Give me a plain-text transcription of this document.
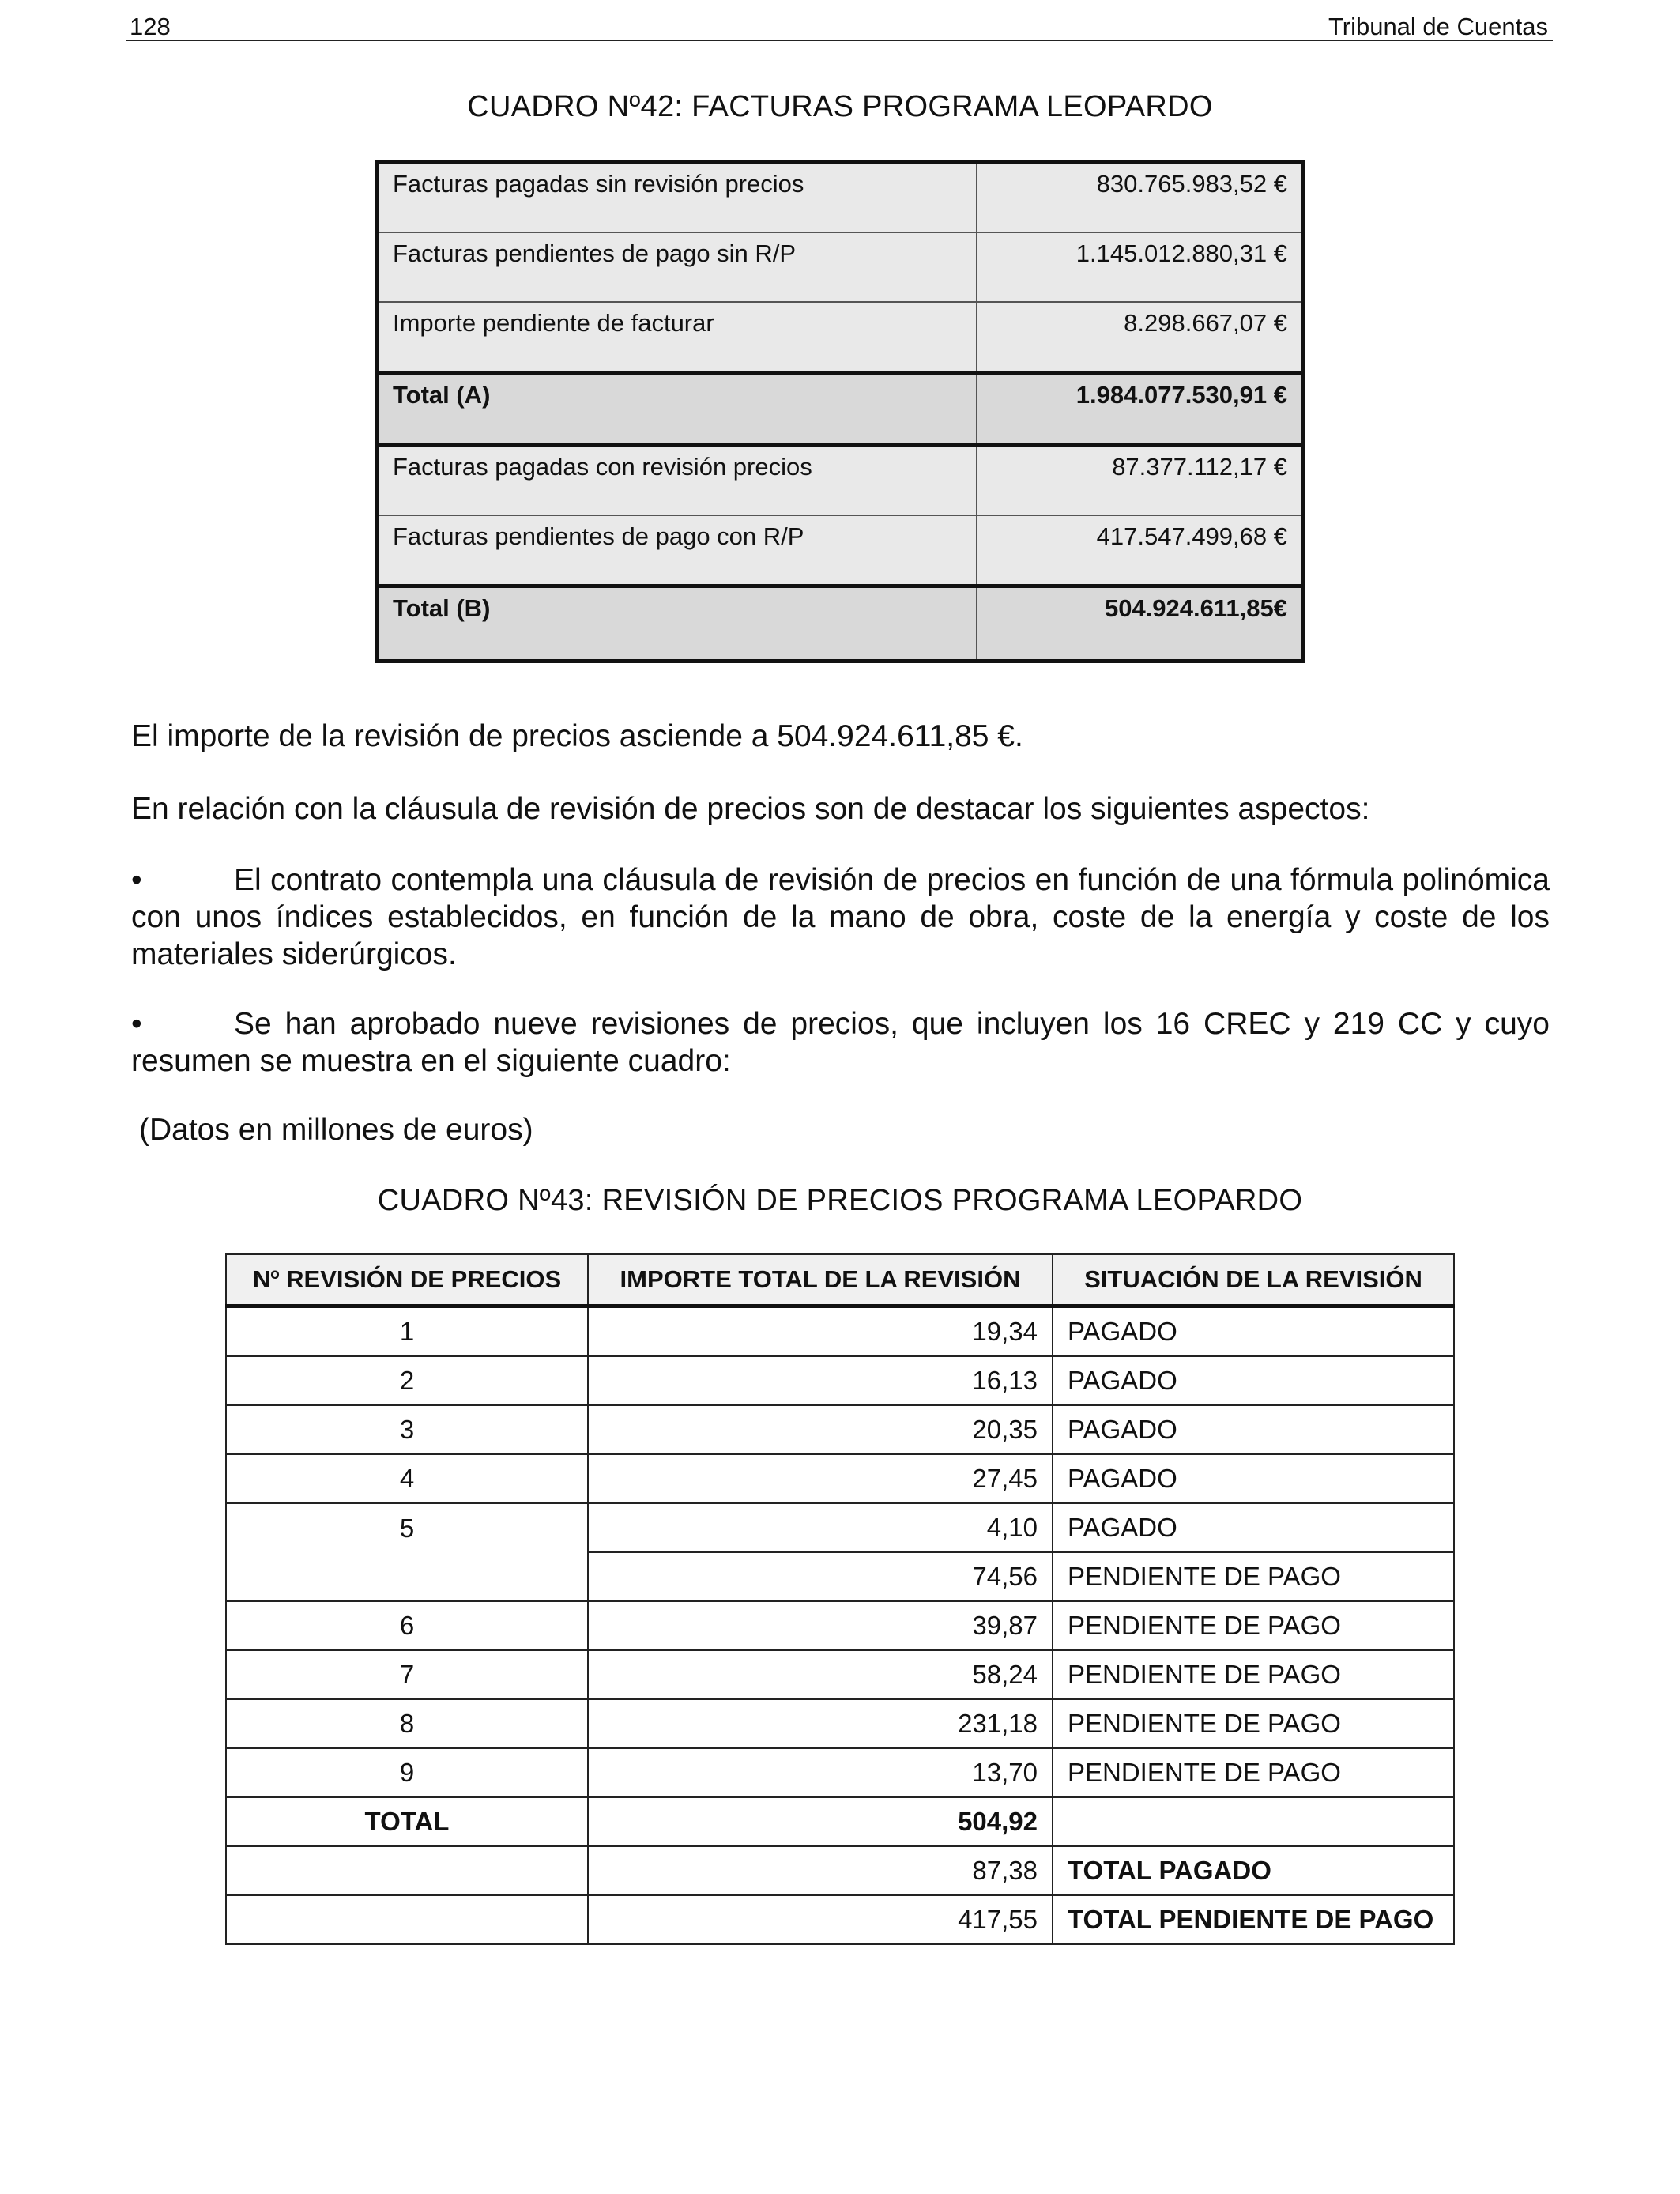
128	Tribunal de Cuentas
CUADRO Nº42: FACTURAS PROGRAMA LEOPARDO
Facturas pagadas sin revisión precios	830.765.983,52 €
Facturas pendientes de pago sin R/P	1.145.012.880,31 €
Importe pendiente de facturar	8.298.667,07 €
Total (A)	1.984.077.530,91 €
Facturas pagadas con revisión precios	87.377.112,17 €
Facturas pendientes de pago con R/P	417.547.499,68 €
Total (B)	504.924.611,85€
El importe de la revisión de precios asciende a 504.924.611,85 €.
En relación con la cláusula de revisión de precios son de destacar los siguientes aspectos:
•	El contrato contempla una cláusula de revisión de precios en función de una fórmula polinómica con unos índices establecidos, en función de la mano de obra, coste de la energía y coste de los materiales siderúrgicos.
•	Se han aprobado nueve revisiones de precios, que incluyen los 16 CREC y 219 CC y cuyo resumen se muestra en el siguiente cuadro:
(Datos en millones de euros)
CUADRO Nº43: REVISIÓN DE PRECIOS PROGRAMA LEOPARDO
Nº REVISIÓN DE PRECIOS	IMPORTE TOTAL DE LA REVISIÓN	SITUACIÓN DE LA REVISIÓN
1	19,34	PAGADO
2	16,13	PAGADO
3	20,35	PAGADO
4	27,45	PAGADO
5	4,10	PAGADO
	74,56	PENDIENTE DE PAGO
6	39,87	PENDIENTE DE PAGO
7	58,24	PENDIENTE DE PAGO
8	231,18	PENDIENTE DE PAGO
9	13,70	PENDIENTE DE PAGO
TOTAL	504,92	
	87,38	TOTAL PAGADO
	417,55	TOTAL PENDIENTE DE PAGO
